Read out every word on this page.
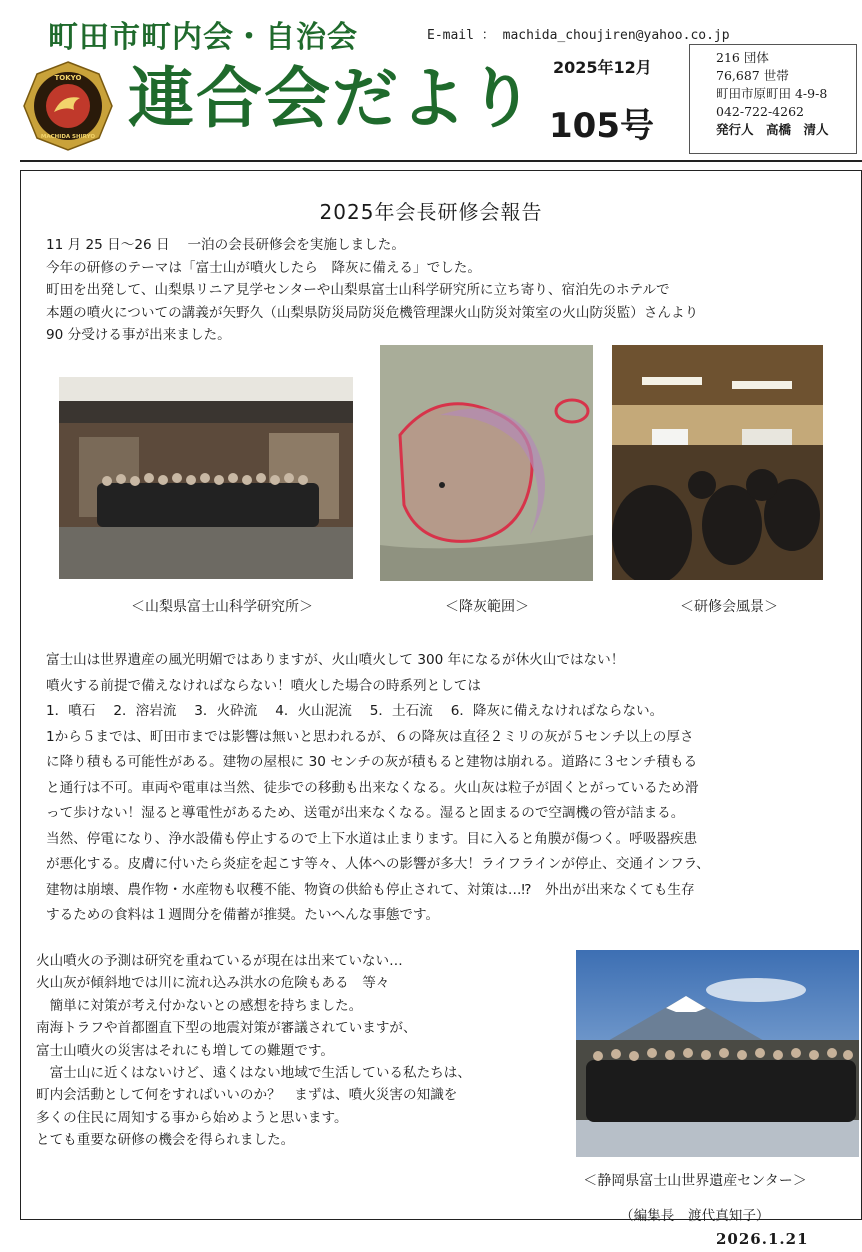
町田市町内会・自治会	E-mail ： machida_choujiren@yahoo.co.jp
TOKYO
MACHIDA SHIRYO 連合会だより 2025年12月
105号
216 団体
76,687 世帯
町田市原町田 4-9-8
042-722-4262
発行人　高橋　清人
2025年会長研修会報告
11 月 25 日〜26 日　 一泊の会長研修会を実施しました。
今年の研修のテーマは「富士山が噴火したら　降灰に備える」でした。
町田を出発して、山梨県リニア見学センターや山梨県富士山科学研究所に立ち寄り、宿泊先のホテルで
本題の噴火についての講義が矢野久（山梨県防災局防災危機管理課火山防災対策室の火山防災監）さんより
90 分受ける事が出来ました。
＜山梨県富士山科学研究所＞	＜降灰範囲＞	＜研修会風景＞
富士山は世界遺産の風光明媚ではありますが、火山噴火して 300 年になるが休火山ではない！
噴火する前提で備えなければならない！噴火した場合の時系列としては
1．噴石　 2．溶岩流　 3．火砕流　 4．火山泥流　 5．土石流　 6．降灰に備えなければならない。
1から５までは、町田市までは影響は無いと思われるが、６の降灰は直径２ミリの灰が５センチ以上の厚さ
に降り積もる可能性がある。建物の屋根に 30 センチの灰が積もると建物は崩れる。道路に３センチ積もる
と通行は不可。車両や電車は当然、徒歩での移動も出来なくなる。火山灰は粒子が固くとがっているため滑
って歩けない！湿ると導電性があるため、送電が出来なくなる。湿ると固まるので空調機の管が詰まる。
当然、停電になり、浄水設備も停止するので上下水道は止まります。目に入ると角膜が傷つく。呼吸器疾患
が悪化する。皮膚に付いたら炎症を起こす等々、人体への影響が多大！ライフラインが停止、交通インフラ、
建物は崩壊、農作物・水産物も収穫不能、物資の供給も停止されて、対策は…⁉　外出が出来なくても生存
するための食料は１週間分を備蓄が推奨。たいへんな事態です。
火山噴火の予測は研究を重ねているが現在は出来ていない…
火山灰が傾斜地では川に流れ込み洪水の危険もある　等々
　簡単に対策が考え付かないとの感想を持ちました。
南海トラフや首都圏直下型の地震対策が審議されていますが、
富士山噴火の災害はそれにも増しての難題です。
　富士山に近くはないけど、遠くはない地域で生活している私たちは、
町内会活動として何をすればいいのか？　まずは、噴火災害の知識を
多くの住民に周知する事から始めようと思います。
とても重要な研修の機会を得られました。
＜静岡県富士山世界遺産センター＞
（編集長　渡代真知子）
2026.1.21
